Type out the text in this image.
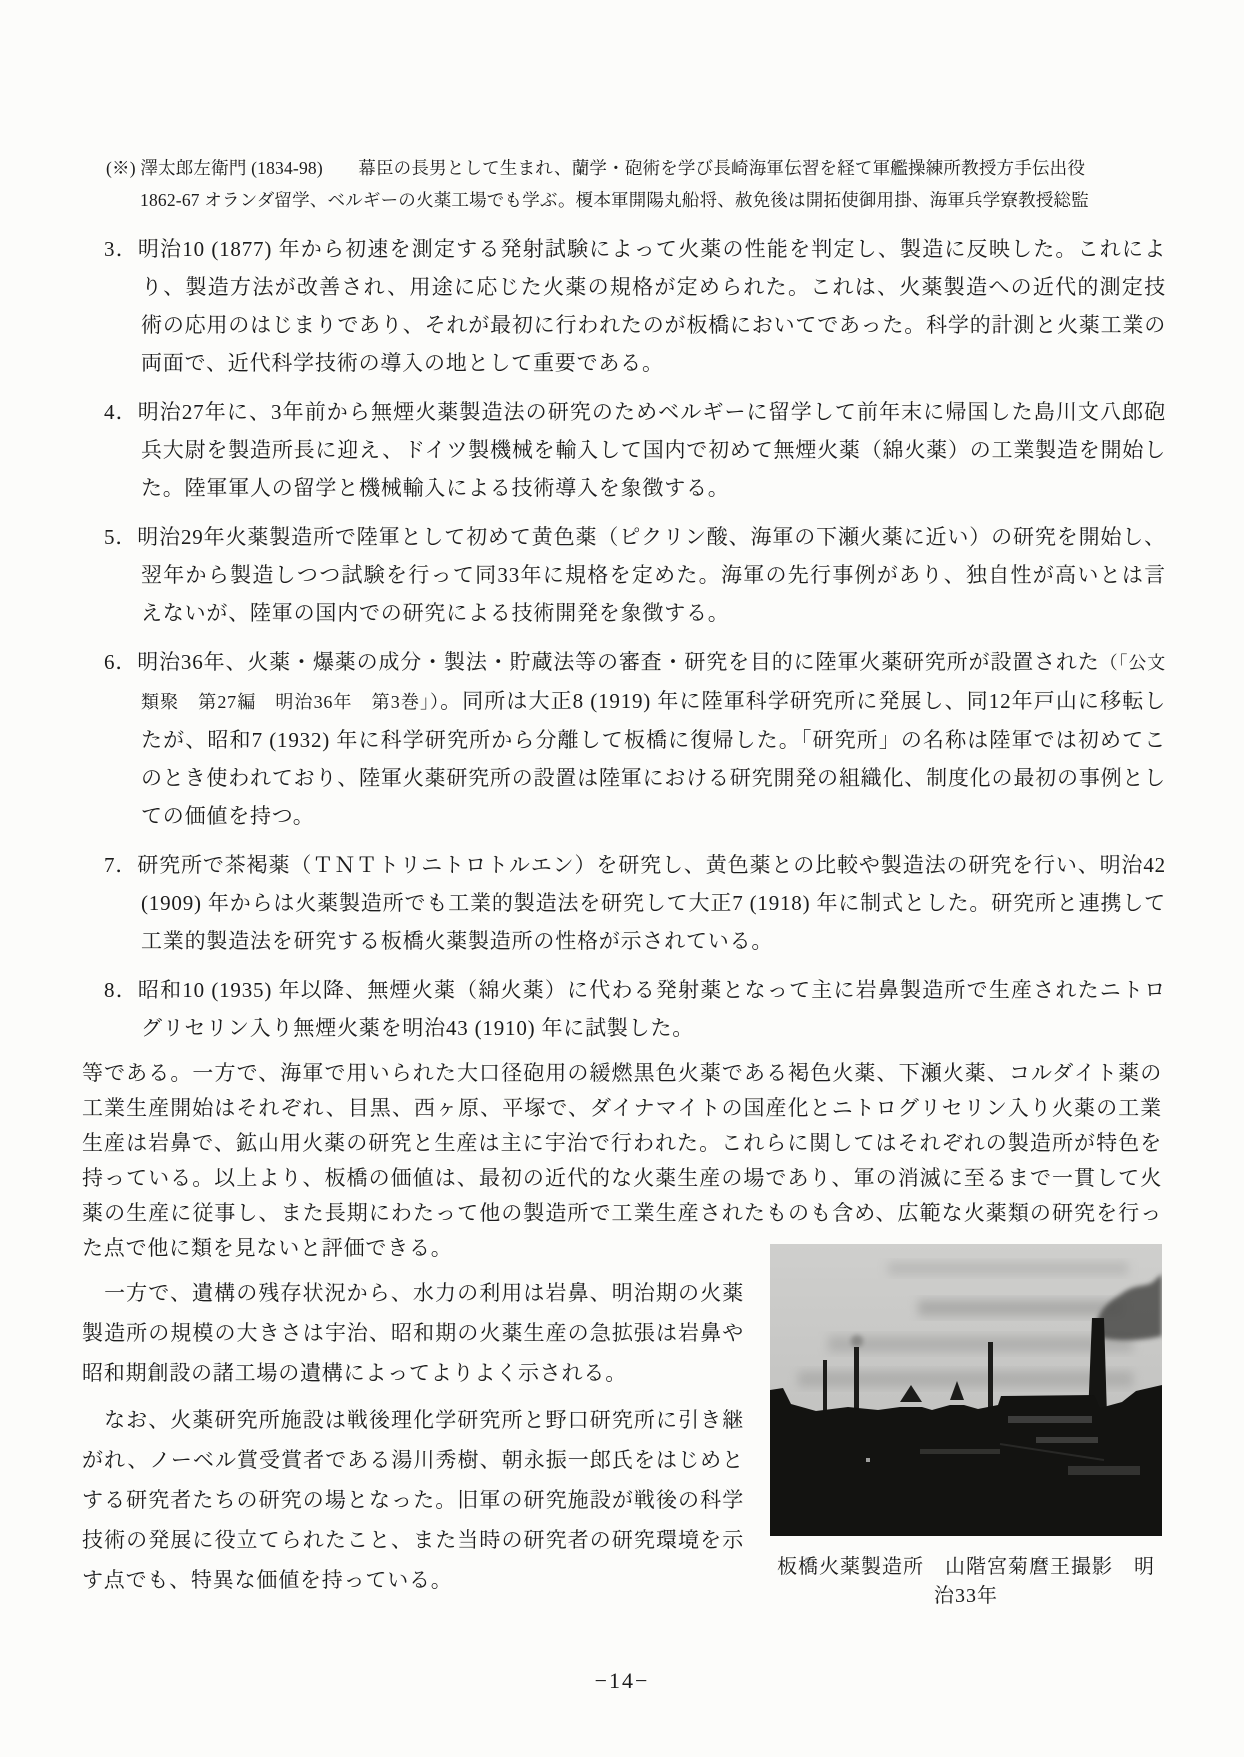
(※) 澤太郎左衛門 (1834-98)　　幕臣の長男として生まれ、蘭学・砲術を学び長崎海軍伝習を経て軍艦操練所教授方手伝出役
1862-67 オランダ留学、ベルギーの火薬工場でも学ぶ。榎本軍開陽丸船将、赦免後は開拓使御用掛、海軍兵学寮教授総監
3．明治10 (1877) 年から初速を測定する発射試験によって火薬の性能を判定し、製造に反映した。これにより、製造方法が改善され、用途に応じた火薬の規格が定められた。これは、火薬製造への近代的測定技術の応用のはじまりであり、それが最初に行われたのが板橋においてであった。科学的計測と火薬工業の両面で、近代科学技術の導入の地として重要である。
4．明治27年に、3年前から無煙火薬製造法の研究のためベルギーに留学して前年末に帰国した島川文八郎砲兵大尉を製造所長に迎え、ドイツ製機械を輸入して国内で初めて無煙火薬（綿火薬）の工業製造を開始した。陸軍軍人の留学と機械輸入による技術導入を象徴する。
5．明治29年火薬製造所で陸軍として初めて黄色薬（ピクリン酸、海軍の下瀬火薬に近い）の研究を開始し、翌年から製造しつつ試験を行って同33年に規格を定めた。海軍の先行事例があり、独自性が高いとは言えないが、陸軍の国内での研究による技術開発を象徴する。
6．明治36年、火薬・爆薬の成分・製法・貯蔵法等の審査・研究を目的に陸軍火薬研究所が設置された（「公文類聚　第27編　明治36年　第3巻」）。同所は大正8 (1919) 年に陸軍科学研究所に発展し、同12年戸山に移転したが、昭和7 (1932) 年に科学研究所から分離して板橋に復帰した。「研究所」の名称は陸軍では初めてこのとき使われており、陸軍火薬研究所の設置は陸軍における研究開発の組織化、制度化の最初の事例としての価値を持つ。
7．研究所で茶褐薬（ＴＮＴトリニトロトルエン）を研究し、黄色薬との比較や製造法の研究を行い、明治42 (1909) 年からは火薬製造所でも工業的製造法を研究して大正7 (1918) 年に制式とした。研究所と連携して工業的製造法を研究する板橋火薬製造所の性格が示されている。
8．昭和10 (1935) 年以降、無煙火薬（綿火薬）に代わる発射薬となって主に岩鼻製造所で生産されたニトログリセリン入り無煙火薬を明治43 (1910) 年に試製した。

等である。一方で、海軍で用いられた大口径砲用の緩燃黒色火薬である褐色火薬、下瀬火薬、コルダイト薬の工業生産開始はそれぞれ、目黒、西ヶ原、平塚で、ダイナマイトの国産化とニトログリセリン入り火薬の工業生産は岩鼻で、鉱山用火薬の研究と生産は主に宇治で行われた。これらに関してはそれぞれの製造所が特色を持っている。以上より、板橋の価値は、最初の近代的な火薬生産の場であり、軍の消滅に至るまで一貫して火薬の生産に従事し、また長期にわたって他の製造所で工業生産されたものも含め、広範な火薬類の研究を行った点で他に類を見ないと評価できる。

板橋火薬製造所　山階宮菊麿王撮影　明治33年

　一方で、遺構の残存状況から、水力の利用は岩鼻、明治期の火薬製造所の規模の大きさは宇治、昭和期の火薬生産の急拡張は岩鼻や昭和期創設の諸工場の遺構によってよりよく示される。

　なお、火薬研究所施設は戦後理化学研究所と野口研究所に引き継がれ、ノーベル賞受賞者である湯川秀樹、朝永振一郎氏をはじめとする研究者たちの研究の場となった。旧軍の研究施設が戦後の科学技術の発展に役立てられたこと、また当時の研究者の研究環境を示す点でも、特異な価値を持っている。

−14−
